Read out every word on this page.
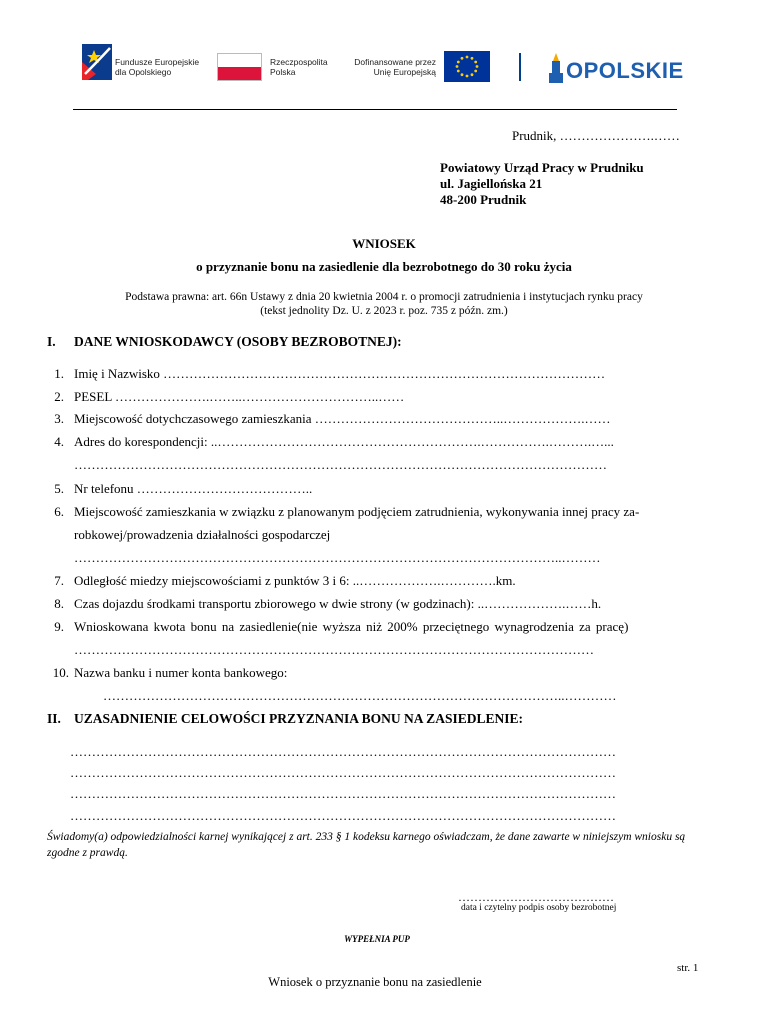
Fundusze Europejskie
dla Opolskiego
Rzeczpospolita
Polska
Dofinansowane przez
Unię Europejską	OPOLSKIE
Prudnik, ………………….……
Powiatowy Urząd Pracy w Prudniku
ul. Jagiellońska 21
48-200 Prudnik
WNIOSEK
o przyznanie bonu na zasiedlenie dla bezrobotnego do 30 roku życia
Podstawa prawna: art. 66n Ustawy z dnia 20 kwietnia 2004 r. o promocji zatrudnienia i instytucjach rynku pracy
(tekst jednolity Dz. U. z 2023 r. poz. 735 z późn. zm.)
I. DANE WNIOSKODAWCY (OSOBY BEZROBOTNEJ):
1. Imię i Nazwisko …………………………………………………………………………………………
2. PESEL ………………….……..…………………………..……
3. Miejscowość dotychczasowego zamieszkania ……………………………………..……………….……
4. Adres do korespondencji: ..…………………………………………………….…………….……….…...
……………………………………………………………………………………………………………
5. Nr telefonu …………………………………..
6. Miejscowość zamieszkania w związku z planowanym podjęciem zatrudnienia, wykonywania innej pracy za-
robkowej/prowadzenia działalności gospodarczej
…………………………………………………………………………………………………..………
7. Odległość miedzy miejscowościami z punktów 3 i 6: ..……………….………….km.
8. Czas dojazdu środkami transportu zbiorowego w dwie strony (w godzinach): ..……………….……h.
9. Wnioskowana kwota bonu na zasiedlenie(nie wyższa niż 200% przeciętnego wynagrodzenia za pracę)
…………………………………………………………………………………………………………
10. Nazwa banku i numer konta bankowego:
……………………………………………………………………………………………..…………
II. UZASADNIENIE CELOWOŚCI PRZYZNANIA BONU NA ZASIEDLENIE:
………………………………………………………………………………………………………………
………………………………………………………………………………………………………………
………………………………………………………………………………………………………………
………………………………………………………………………………………………………………
Świadomy(a) odpowiedzialności karnej wynikającej z art. 233 § 1 kodeksu karnego oświadczam, że dane zawarte w niniejszym wniosku są zgodne z prawdą.
…………………………………
data i czytelny podpis osoby bezrobotnej
WYPEŁNIA PUP
str. 1
Wniosek o przyznanie bonu na zasiedlenie
